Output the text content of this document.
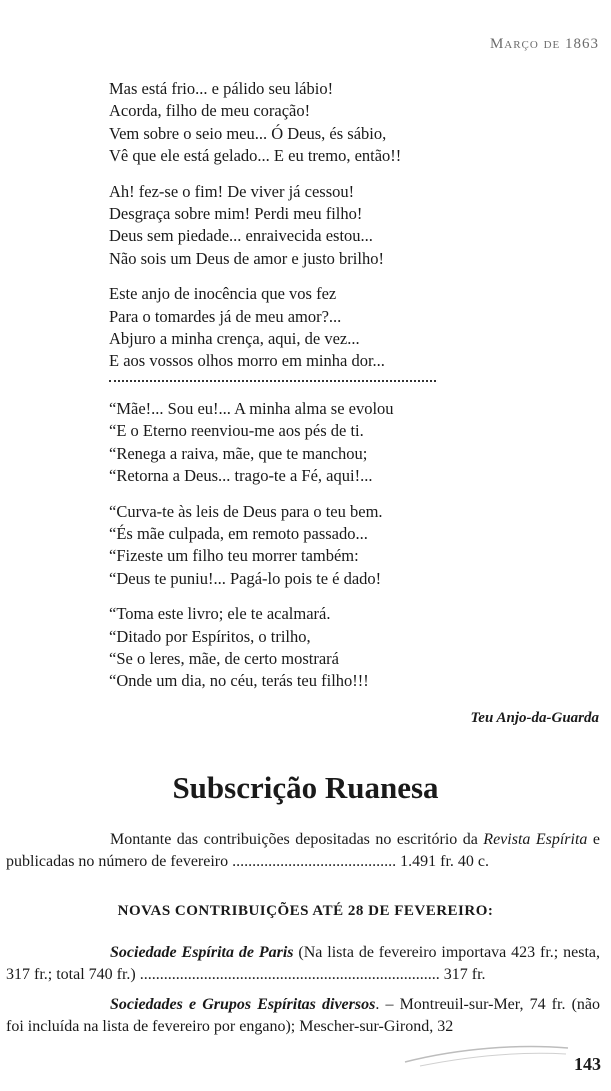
Março de 1863
Mas está frio... e pálido seu lábio!
Acorda, filho de meu coração!
Vem sobre o seio meu... Ó Deus, és sábio,
Vê que ele está gelado... E eu tremo, então!!
Ah! fez-se o fim! De viver já cessou!
Desgraça sobre mim! Perdi meu filho!
Deus sem piedade... enraivecida estou...
Não sois um Deus de amor e justo brilho!
Este anjo de inocência que vos fez
Para o tomardes já de meu amor?...
Abjuro a minha crença, aqui, de vez...
E aos vossos olhos morro em minha dor...
“Mãe!... Sou eu!... A minha alma se evolou
“E o Eterno reenviou-me aos pés de ti.
“Renega a raiva, mãe, que te manchou;
“Retorna a Deus... trago-te a Fé, aqui!...
“Curva-te às leis de Deus para o teu bem.
“És mãe culpada, em remoto passado...
“Fizeste um filho teu morrer também:
“Deus te puniu!... Pagá-lo pois te é dado!
“Toma este livro; ele te acalmará.
“Ditado por Espíritos, o trilho,
“Se o leres, mãe, de certo mostrará
“Onde um dia, no céu, terás teu filho!!!
Teu Anjo-da-Guarda
Subscrição Ruanesa
Montante das contribuições depositadas no escritório da Revista Espírita e publicadas no número de fevereiro ......................................... 1.491 fr. 40 c.
NOVAS CONTRIBUIÇÕES ATÉ 28 DE FEVEREIRO:
Sociedade Espírita de Paris (Na lista de fevereiro importava 423 fr.; nesta, 317 fr.; total 740 fr.) ........................................................................... 317 fr.
Sociedades e Grupos Espíritas diversos. – Montreuil-sur-Mer, 74 fr. (não foi incluída na lista de fevereiro por engano); Mescher-sur-Girond, 32
143
